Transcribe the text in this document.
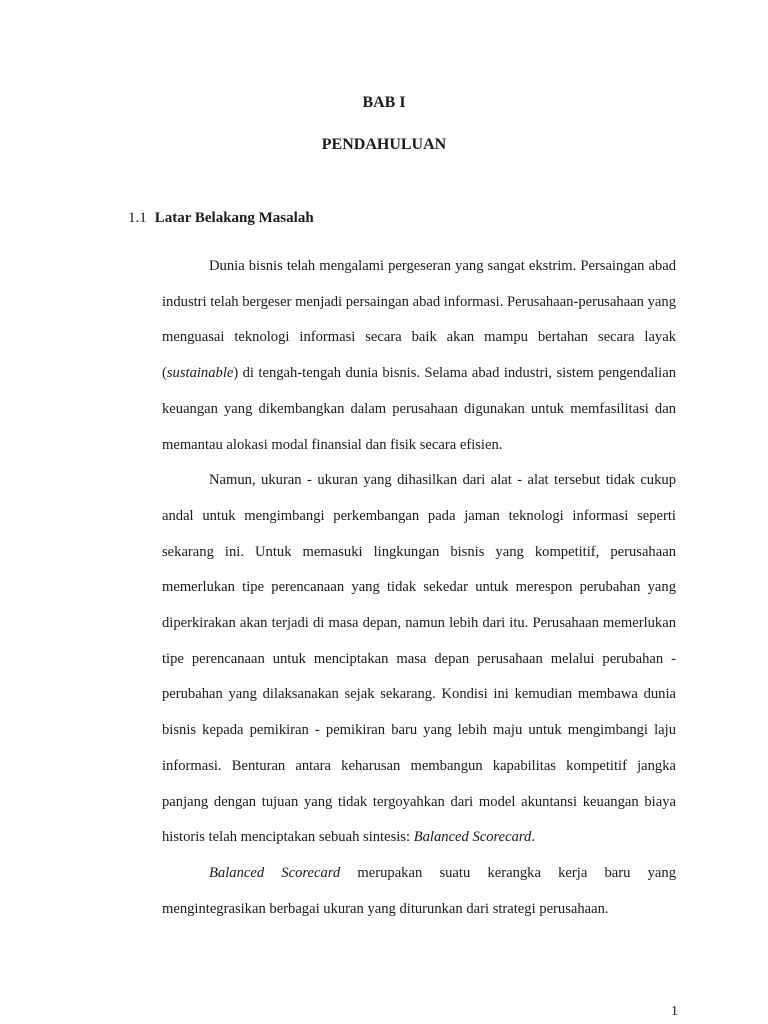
BAB I
PENDAHULUAN
1.1 Latar Belakang Masalah

Dunia bisnis telah mengalami pergeseran yang sangat ekstrim. Persaingan abad industri telah bergeser menjadi persaingan abad informasi. Perusahaan-perusahaan yang menguasai teknologi informasi secara baik akan mampu bertahan secara layak (sustainable) di tengah-tengah dunia bisnis. Selama abad industri, sistem pengendalian keuangan yang dikembangkan dalam perusahaan digunakan untuk memfasilitasi dan memantau alokasi modal finansial dan fisik secara efisien.

Namun, ukuran - ukuran yang dihasilkan dari alat - alat tersebut tidak cukup andal untuk mengimbangi perkembangan pada jaman teknologi informasi seperti sekarang ini. Untuk memasuki lingkungan bisnis yang kompetitif, perusahaan memerlukan tipe perencanaan yang tidak sekedar untuk merespon perubahan yang diperkirakan akan terjadi di masa depan, namun lebih dari itu. Perusahaan memerlukan tipe perencanaan untuk menciptakan masa depan perusahaan melalui perubahan - perubahan yang dilaksanakan sejak sekarang. Kondisi ini kemudian membawa dunia bisnis kepada pemikiran - pemikiran baru yang lebih maju untuk mengimbangi laju informasi. Benturan antara keharusan membangun kapabilitas kompetitif jangka panjang dengan tujuan yang tidak tergoyahkan dari model akuntansi keuangan biaya historis telah menciptakan sebuah sintesis: Balanced Scorecard.

Balanced Scorecard merupakan suatu kerangka kerja baru yang mengintegrasikan berbagai ukuran yang diturunkan dari strategi perusahaan.

1
